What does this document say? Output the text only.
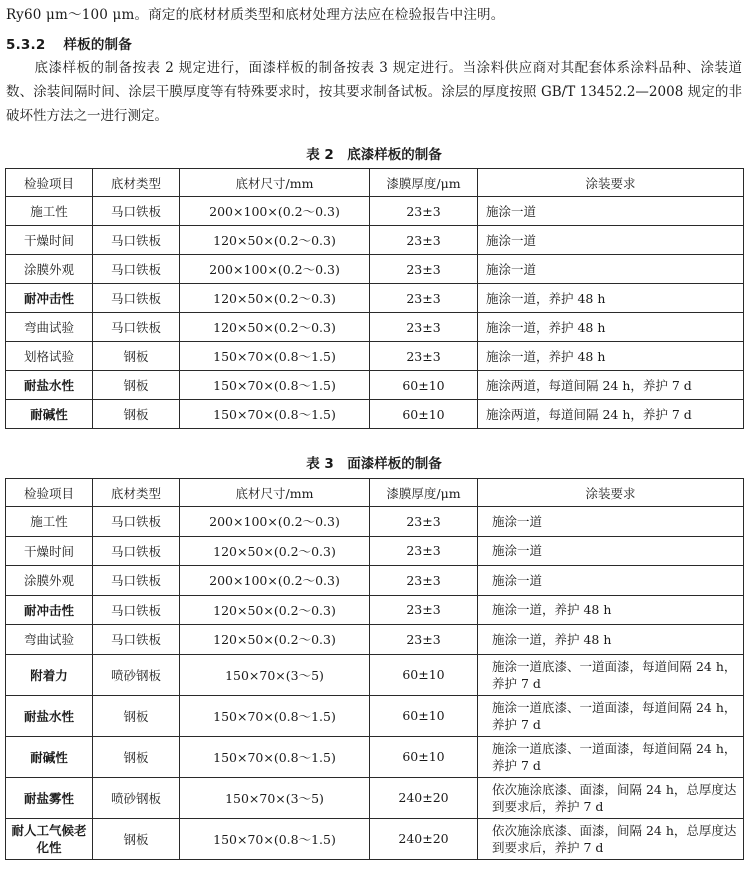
Ry60 μm～100 μm。商定的底材材质类型和底材处理方法应在检验报告中注明。
5.3.2 样板的制备
底漆样板的制备按表 2 规定进行，面漆样板的制备按表 3 规定进行。当涂料供应商对其配套体系涂料品种、涂装道数、涂装间隔时间、涂层干膜厚度等有特殊要求时，按其要求制备试板。涂层的厚度按照 GB/T 13452.2—2008 规定的非破坏性方法之一进行测定。
表 2　底漆样板的制备
检验项目	底材类型	底材尺寸/mm	漆膜厚度/μm	涂装要求
施工性	马口铁板	200×100×(0.2～0.3)	23±3	施涂一道
干燥时间	马口铁板	120×50×(0.2～0.3)	23±3	施涂一道
涂膜外观	马口铁板	200×100×(0.2～0.3)	23±3	施涂一道
耐冲击性	马口铁板	120×50×(0.2～0.3)	23±3	施涂一道，养护 48 h
弯曲试验	马口铁板	120×50×(0.2～0.3)	23±3	施涂一道，养护 48 h
划格试验	钢板	150×70×(0.8～1.5)	23±3	施涂一道，养护 48 h
耐盐水性	钢板	150×70×(0.8～1.5)	60±10	施涂两道，每道间隔 24 h，养护 7 d
耐碱性	钢板	150×70×(0.8～1.5)	60±10	施涂两道，每道间隔 24 h，养护 7 d
表 3　面漆样板的制备
检验项目	底材类型	底材尺寸/mm	漆膜厚度/μm	涂装要求
施工性	马口铁板	200×100×(0.2～0.3)	23±3	施涂一道
干燥时间	马口铁板	120×50×(0.2～0.3)	23±3	施涂一道
涂膜外观	马口铁板	200×100×(0.2～0.3)	23±3	施涂一道
耐冲击性	马口铁板	120×50×(0.2～0.3)	23±3	施涂一道，养护 48 h
弯曲试验	马口铁板	120×50×(0.2～0.3)	23±3	施涂一道，养护 48 h
附着力	喷砂钢板	150×70×(3～5)	60±10	施涂一道底漆、一道面漆，每道间隔 24 h，养护 7 d
耐盐水性	钢板	150×70×(0.8～1.5)	60±10	施涂一道底漆、一道面漆，每道间隔 24 h，养护 7 d
耐碱性	钢板	150×70×(0.8～1.5)	60±10	施涂一道底漆、一道面漆，每道间隔 24 h，养护 7 d
耐盐雾性	喷砂钢板	150×70×(3～5)	240±20	依次施涂底漆、面漆，间隔 24 h，总厚度达到要求后，养护 7 d
耐人工气候老化性	钢板	150×70×(0.8～1.5)	240±20	依次施涂底漆、面漆，间隔 24 h，总厚度达到要求后，养护 7 d
